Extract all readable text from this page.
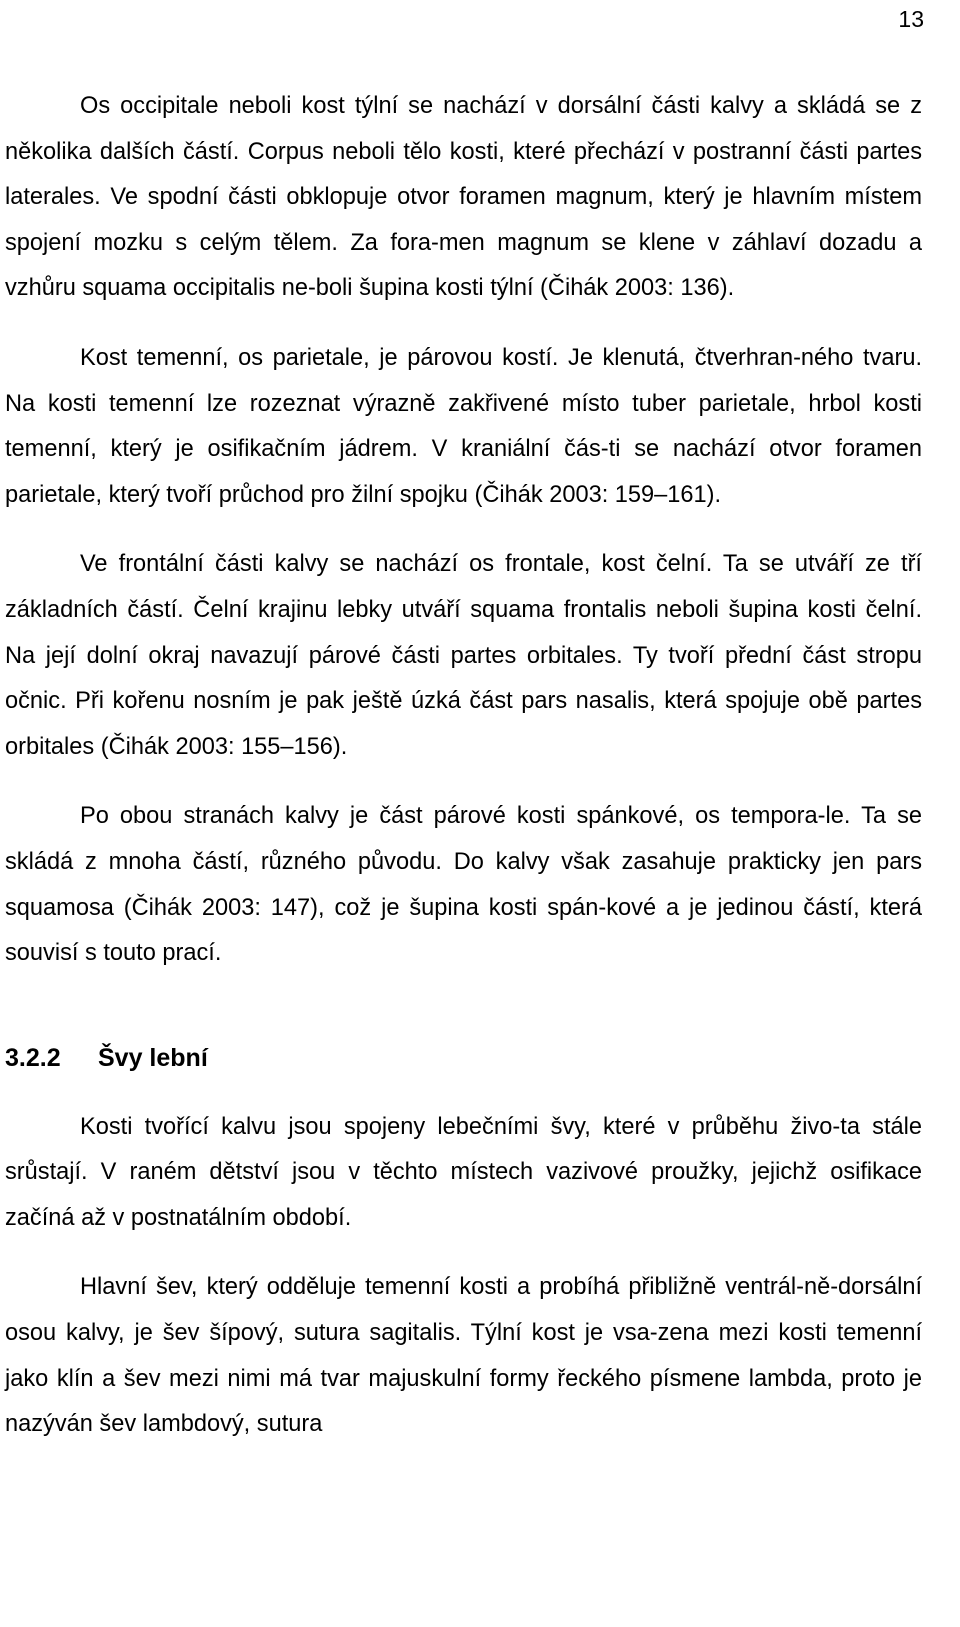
13

Os occipitale neboli kost týlní se nachází v dorsální části kalvy a skládá se z několika dalších částí. Corpus neboli tělo kosti, které přechází v postranní části partes laterales. Ve spodní části obklopuje otvor foramen magnum, který je hlavním místem spojení mozku s celým tělem. Za fora-men magnum se klene v záhlaví dozadu a vzhůru squama occipitalis ne-boli šupina kosti týlní (Čihák 2003: 136).

Kost temenní, os parietale, je párovou kostí. Je klenutá, čtverhran-ného tvaru. Na kosti temenní lze rozeznat výrazně zakřivené místo tuber parietale, hrbol kosti temenní, který je osifikačním jádrem. V kraniální čás-ti se nachází otvor foramen parietale, který tvoří průchod pro žilní spojku (Čihák 2003: 159–161).

Ve frontální části kalvy se nachází os frontale, kost čelní. Ta se utváří ze tří základních částí. Čelní krajinu lebky utváří squama frontalis neboli šupina kosti čelní. Na její dolní okraj navazují párové části partes orbitales. Ty tvoří přední část stropu očnic. Při kořenu nosním je pak ještě úzká část pars nasalis, která spojuje obě partes orbitales (Čihák 2003: 155–156).

Po obou stranách kalvy je část párové kosti spánkové, os tempora-le. Ta se skládá z mnoha částí, různého původu. Do kalvy však zasahuje prakticky jen pars squamosa (Čihák 2003: 147), což je šupina kosti spán-kové a je jedinou částí, která souvisí s touto prací.

3.2.2	Švy lební

Kosti tvořící kalvu jsou spojeny lebečními švy, které v průběhu živo-ta stále srůstají. V raném dětství jsou v těchto místech vazivové proužky, jejichž osifikace začíná až v postnatálním období.

Hlavní šev, který odděluje temenní kosti a probíhá přibližně ventrál-ně-dorsální osou kalvy, je šev šípový, sutura sagitalis. Týlní kost je vsa-zena mezi kosti temenní jako klín a šev mezi nimi má tvar majuskulní formy řeckého písmene lambda, proto je nazýván šev lambdový, sutura
